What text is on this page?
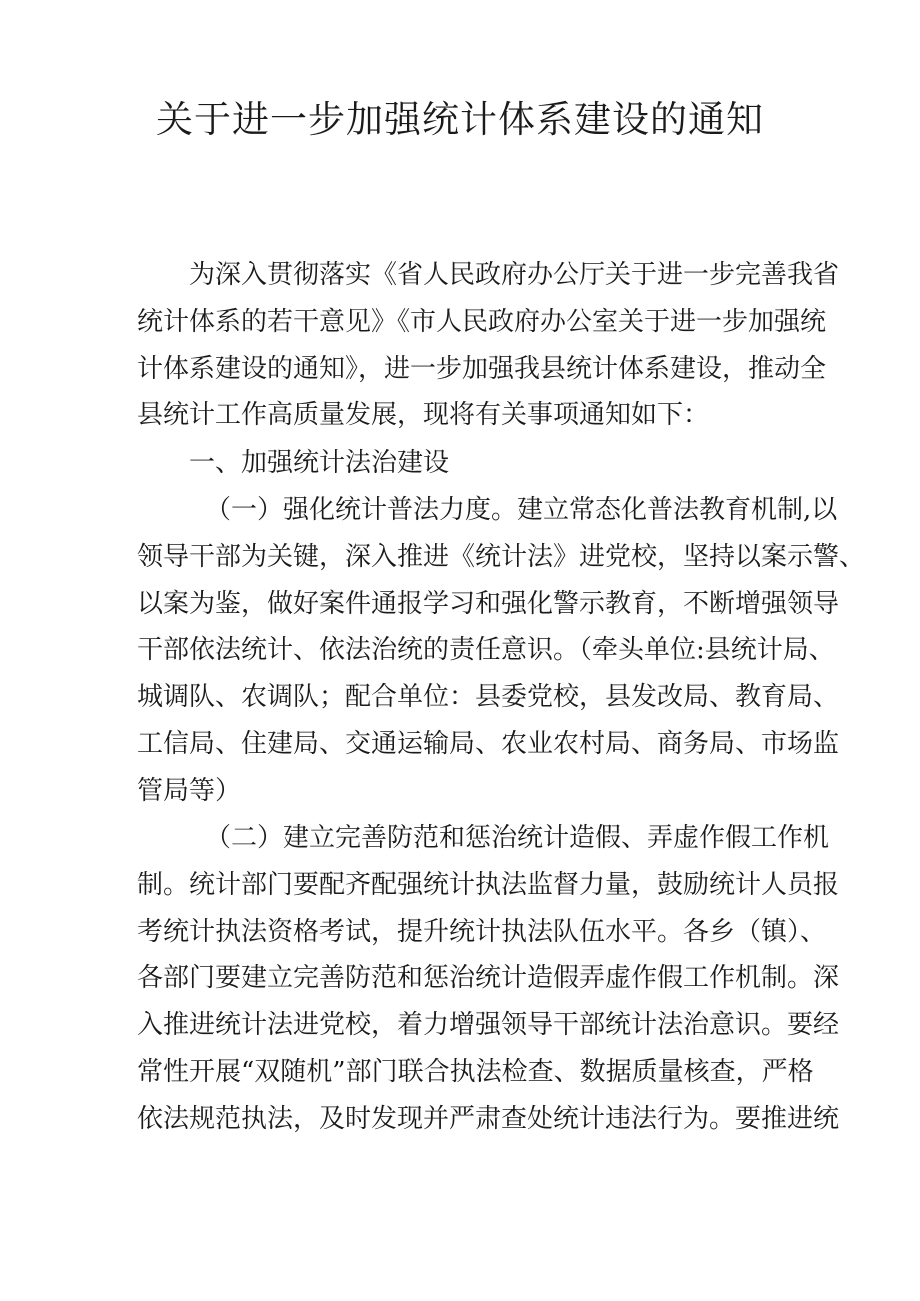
关于进一步加强统计体系建设的通知
为深入贯彻落实《省人民政府办公厅关于进一步完善我省
统计体系的若干意见》《市人民政府办公室关于进一步加强统
计体系建设的通知》，进一步加强我县统计体系建设，推动全
县统计工作高质量发展，现将有关事项通知如下：
一、加强统计法治建设
（一）强化统计普法力度。建立常态化普法教育机制,以
领导干部为关键，深入推进《统计法》进党校，坚持以案示警、
以案为鉴，做好案件通报学习和强化警示教育，不断增强领导
干部依法统计、依法治统的责任意识。（牵头单位:县统计局、
城调队、农调队；配合单位：县委党校，县发改局、教育局、
工信局、住建局、交通运输局、农业农村局、商务局、市场监
管局等）
（二）建立完善防范和惩治统计造假、弄虚作假工作机
制。统计部门要配齐配强统计执法监督力量，鼓励统计人员报
考统计执法资格考试，提升统计执法队伍水平。各乡（镇）、
各部门要建立完善防范和惩治统计造假弄虚作假工作机制。深
入推进统计法进党校，着力增强领导干部统计法治意识。要经
常性开展“双随机”部门联合执法检查、数据质量核查，严格
依法规范执法，及时发现并严肃查处统计违法行为。要推进统
